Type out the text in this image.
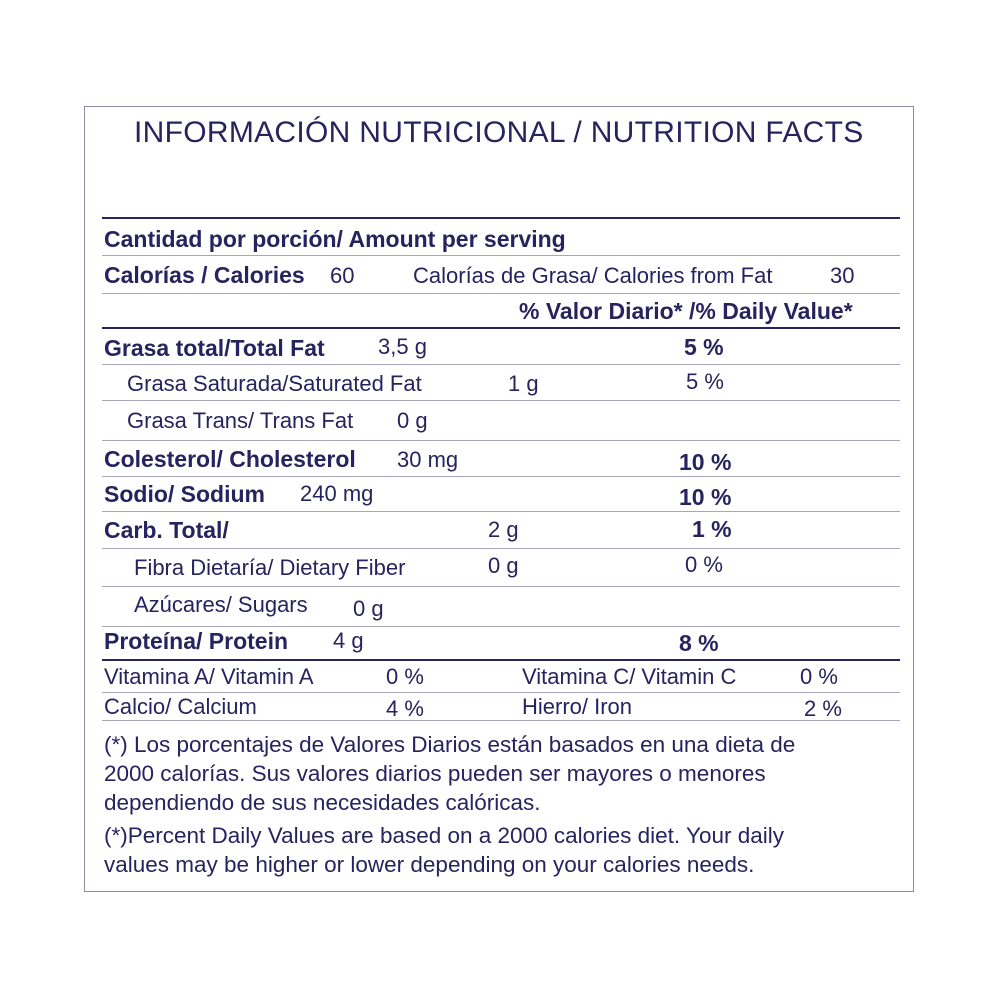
INFORMACIÓN NUTRICIONAL / NUTRITION FACTS
Cantidad por porción/ Amount per serving
Calorías / Calories 60	Calorías de Grasa/ Calories from Fat	30
% Valor Diario* /% Daily Value*
Grasa total/Total Fat 3,5 g	5 %
Grasa Saturada/Saturated Fat	1 g	5 %
Grasa Trans/ Trans Fat 0 g
Colesterol/ Cholesterol 30 mg	10 %
Sodio/ Sodium 240 mg	10 %
Carb. Total/	2 g	1 %
Fibra Dietaría/ Dietary Fiber	0 g	0 %
Azúcares/ Sugars 0 g
Proteína/ Protein 4 g	8 %
Vitamina A/ Vitamin A	0 %	Vitamina C/ Vitamin C	0 %
Calcio/ Calcium	4 %	Hierro/ Iron	2 %
(*) Los porcentajes de Valores Diarios están basados en una dieta de
2000 calorías. Sus valores diarios pueden ser mayores o menores
dependiendo de sus necesidades calóricas.
(*)Percent Daily Values are based on a 2000 calories diet. Your daily
values may be higher or lower depending on your calories needs.
